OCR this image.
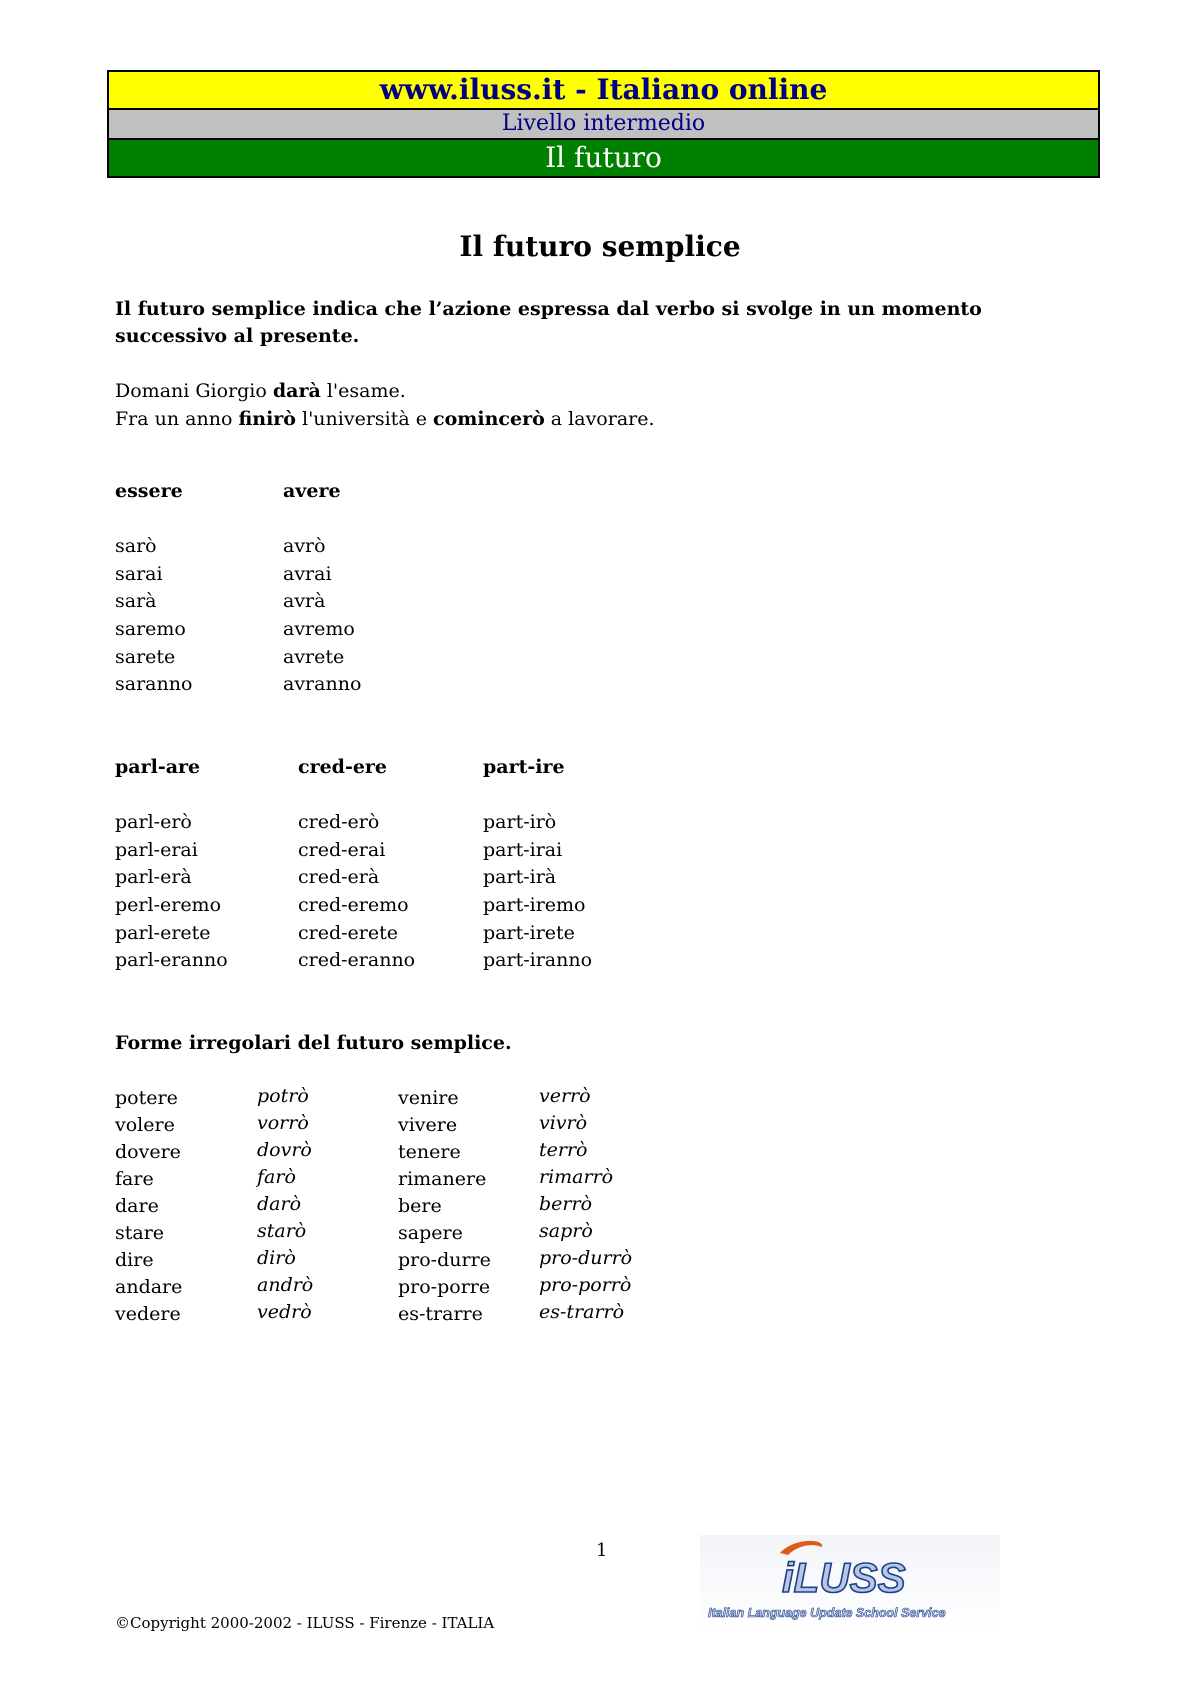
www.iluss.it - Italiano online
Livello intermedio
Il futuro
Il futuro semplice
Il futuro semplice indica che l’azione espressa dal verbo si svolge in un momento successivo al presente.
Domani Giorgio darà l'esame.
Fra un anno finirò l'università e comincerò a lavorare.
essere
sarò
sarai
sarà
saremo
sarete
saranno
avere
avrò
avrai
avrà
avremo
avrete
avranno
parl-are
parl-erò
parl-erai
parl-erà
perl-eremo
parl-erete
parl-eranno
cred-ere
cred-erò
cred-erai
cred-erà
cred-eremo
cred-erete
cred-eranno
part-ire
part-irò
part-irai
part-irà
part-iremo
part-irete
part-iranno
Forme irregolari del futuro semplice.
potere
volere
dovere
fare
dare
stare
dire
andare
vedere
potrò
vorrò
dovrò
farò
darò
starò
dirò
andrò
vedrò
venire
vivere
tenere
rimanere
bere
sapere
pro-durre
pro-porre
es-trarre
verrò
vivrò
terrò
rimarrò
berrò
saprò
pro-durrò
pro-porrò
es-trarrò
1
iLUSS
Italian Language Update School Service
©Copyright 2000-2002 - ILUSS - Firenze - ITALIA
